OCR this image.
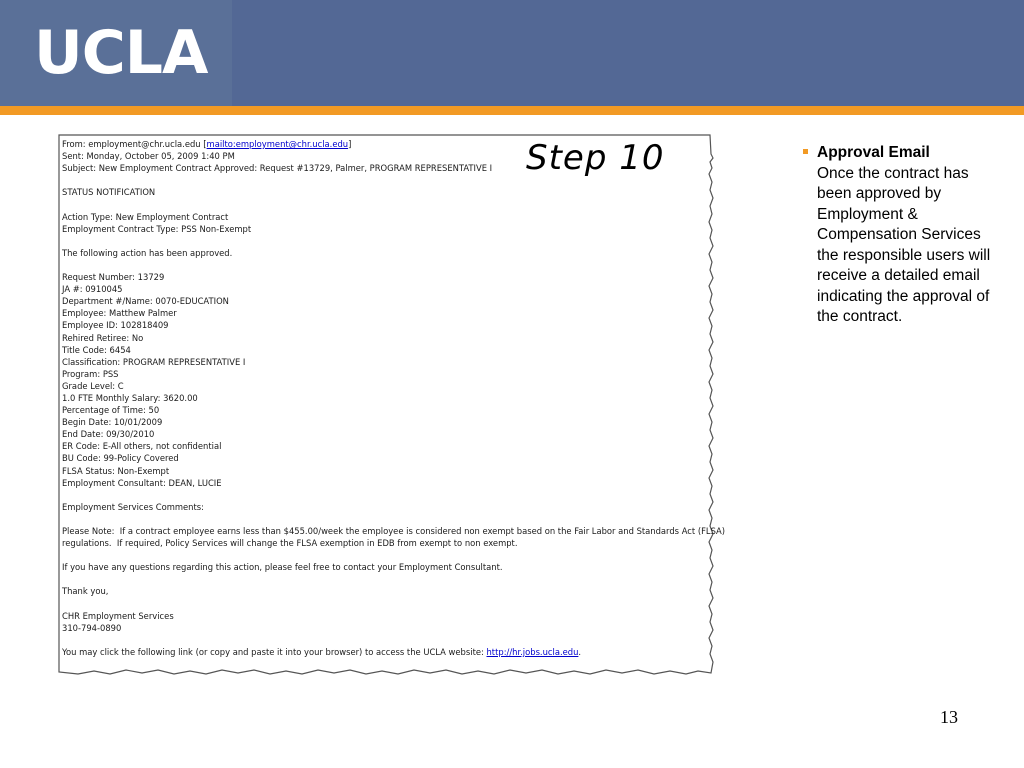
UCLA
From: employment@chr.ucla.edu [mailto:employment@chr.ucla.edu]
Sent: Monday, October 05, 2009 1:40 PM
Subject: New Employment Contract Approved: Request #13729, Palmer, PROGRAM REPRESENTATIVE I
STATUS NOTIFICATION
Action Type: New Employment Contract
Employment Contract Type: PSS Non-Exempt
The following action has been approved.
Request Number: 13729
JA #: 0910045
Department #/Name: 0070-EDUCATION
Employee: Matthew Palmer
Employee ID: 102818409
Rehired Retiree: No
Title Code: 6454
Classification: PROGRAM REPRESENTATIVE I
Program: PSS
Grade Level: C
1.0 FTE Monthly Salary: 3620.00
Percentage of Time: 50
Begin Date: 10/01/2009
End Date: 09/30/2010
ER Code: E-All others, not confidential
BU Code: 99-Policy Covered
FLSA Status: Non-Exempt
Employment Consultant: DEAN, LUCIE
Employment Services Comments:
Please Note:  If a contract employee earns less than $455.00/week the employee is considered non exempt based on the Fair Labor and Standards Act (FLSA)
regulations.  If required, Policy Services will change the FLSA exemption in EDB from exempt to non exempt.
If you have any questions regarding this action, please feel free to contact your Employment Consultant.
Thank you,
CHR Employment Services
310-794-0890
You may click the following link (or copy and paste it into your browser) to access the UCLA website: http://hr.jobs.ucla.edu.
Step 10	Approval Email
Once the contract has been approved by Employment & Compensation Services the responsible users will receive a detailed email indicating the approval of the contract.
13
